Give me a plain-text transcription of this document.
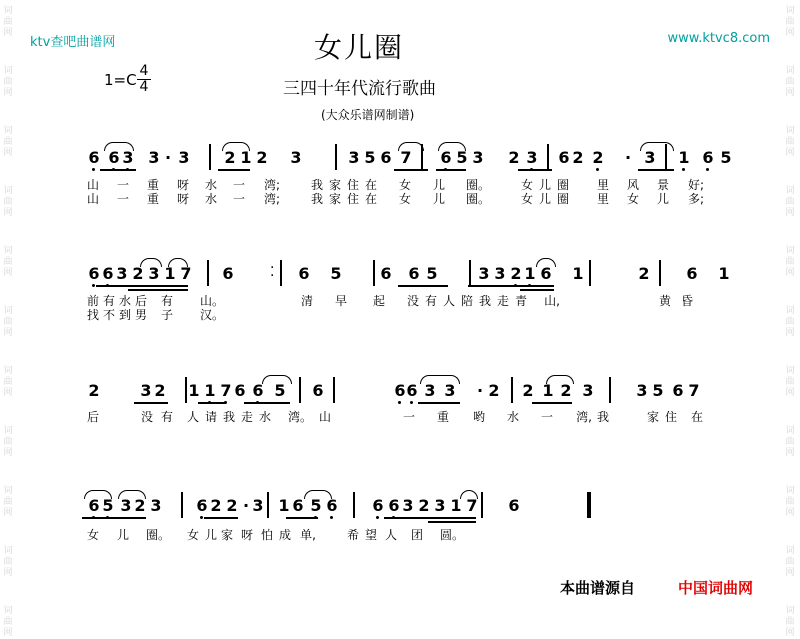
词
曲
网
词
曲
网
词
曲
网
词
曲
网
词
曲
网
词
曲
网
词
曲
网
词
曲
网
词
曲
网
词
曲
网
词
曲
网
词
曲
网
词
曲
网
词
曲
网
词
曲
网
词
曲
网
词
曲
网
词
曲
网
词
曲
网
词
曲
网
词
曲
网
词
曲
网
ktv查吧曲谱网	www.ktvc8.com
女儿圈
$1=C \frac{4}{4}$	三四十年代流行歌曲
(大众乐谱网制谱)
6 6 3 3 · 3 2 1 2 3	3 5 6 7 6 5 3 2 3 6 2 2	· 3 1 6 5
山 一 重 呀 水 一	湾;	我 家 住 在 女 儿 圈。	女 儿 圈 里 风 景	好;
山 一 重 呀 水 一	湾;	我 家 住 在 女 儿 圈。	女 儿 圈 里 女 儿	多;
6 6 3 2 3 1 7 6	·
· 6 5 6 6 5	3 3 2 1 6 1	2 6 1
前 有 水 后 有 山。	清 早 起 没 有 人 陪 我 走 青	山,	黄 昏
找 不 到 男 子 汉。
2	3 2 1 1 7 6 6 5 6	6 6 3 3	· 2 2 1 2 3	3 5 6 7
后	没 有 人 请 我 走 水 湾。 山	一 重 哟 水 一	湾, 我	家 住 在
6 5 3 2 3 6 2 2 · 3 1 6 5 6 6 6 3 2 3 1 7 6
女 儿 圈。 女 儿 家 呀 怕 成 单,	希 望 人 团 圆。
本曲谱源自	中国词曲网
